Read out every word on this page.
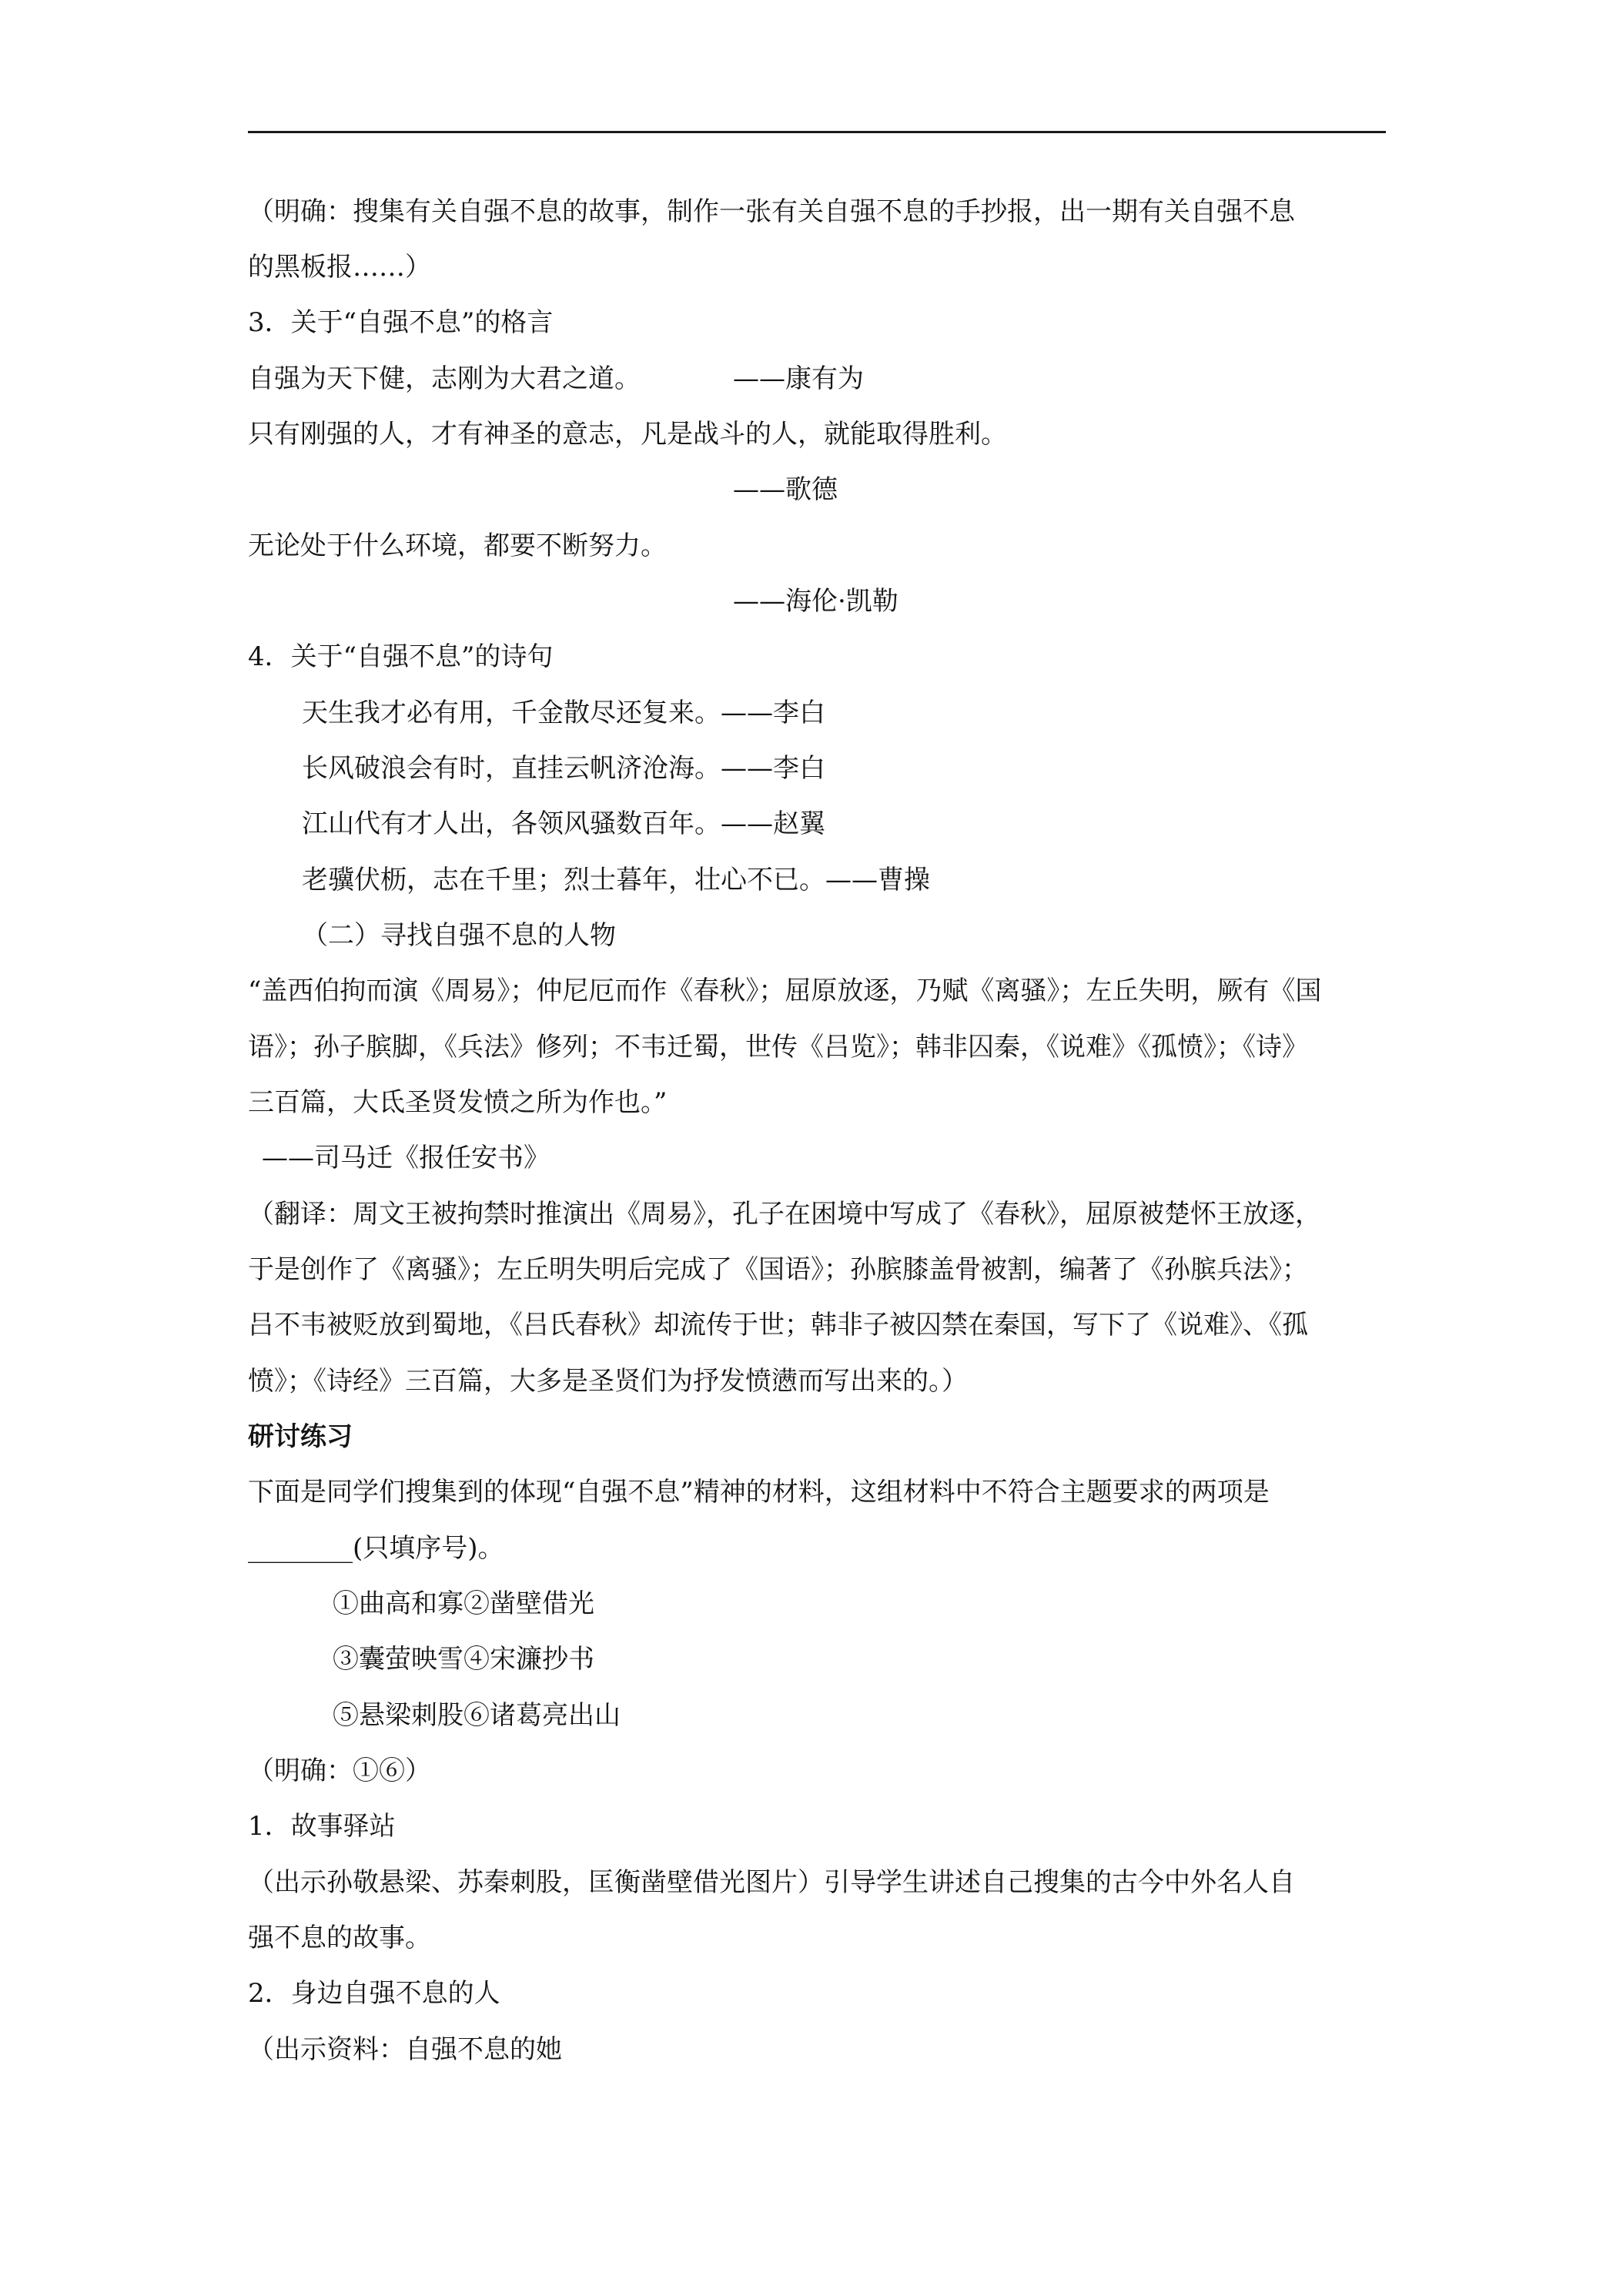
（明确：搜集有关自强不息的故事，制作一张有关自强不息的手抄报，出一期有关自强不息
的黑板报……）
3．关于“自强不息”的格言
自强为天下健，志刚为大君之道。	——康有为
只有刚强的人，才有神圣的意志，凡是战斗的人，就能取得胜利。
——歌德
无论处于什么环境，都要不断努力。
——海伦·凯勒
4．关于“自强不息”的诗句
天生我才必有用，千金散尽还复来。——李白
长风破浪会有时，直挂云帆济沧海。——李白
江山代有才人出，各领风骚数百年。——赵翼
老骥伏枥，志在千里；烈士暮年，壮心不已。——曹操
（二）寻找自强不息的人物
“盖西伯拘而演《周易》；仲尼厄而作《春秋》；屈原放逐，乃赋《离骚》；左丘失明，厥有《国
语》；孙子膑脚，《兵法》修列；不韦迁蜀，世传《吕览》；韩非囚秦，《说难》《孤愤》；《诗》
三百篇，大氐圣贤发愤之所为作也。”
——司马迁《报任安书》
（翻译：周文王被拘禁时推演出《周易》，孔子在困境中写成了《春秋》，屈原被楚怀王放逐，
于是创作了《离骚》；左丘明失明后完成了《国语》；孙膑膝盖骨被割，编著了《孙膑兵法》；
吕不韦被贬放到蜀地，《吕氏春秋》却流传于世；韩非子被囚禁在秦国，写下了《说难》、《孤
愤》；《诗经》三百篇，大多是圣贤们为抒发愤懑而写出来的。）
研讨练习
下面是同学们搜集到的体现“自强不息”精神的材料，这组材料中不符合主题要求的两项是
________(只填序号)。
①曲高和寡②凿壁借光
③囊萤映雪④宋濂抄书
⑤悬梁刺股⑥诸葛亮出山
（明确：①⑥）
1．故事驿站
（出示孙敬悬梁、苏秦刺股，匡衡凿壁借光图片）引导学生讲述自己搜集的古今中外名人自
强不息的故事。
2．身边自强不息的人
（出示资料：自强不息的她
